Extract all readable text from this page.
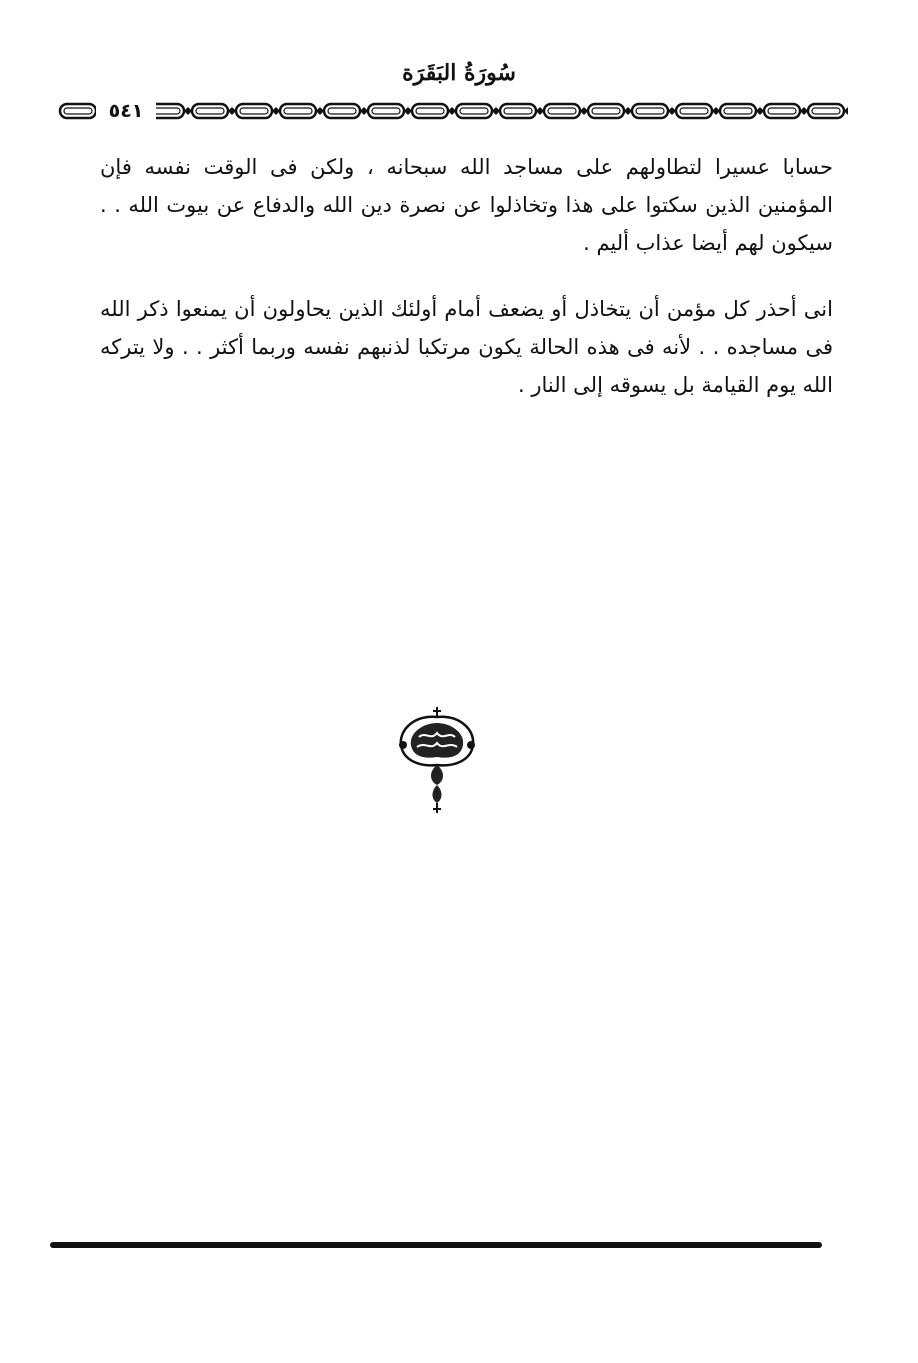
سُورَةُ البَقَرَة
٥٤١
حسابا عسيرا لتطاولهم على مساجد الله سبحانه ، ولكن فى الوقت نفسه فإن المؤمنين الذين سكتوا على هذا وتخاذلوا عن نصرة دين الله والدفاع عن بيوت الله . . سيكون لهم أيضا عذاب أليم .
انى أحذر كل مؤمن أن يتخاذل أو يضعف أمام أولئك الذين يحاولون أن يمنعوا ذكر الله فى مساجده . . لأنه فى هذه الحالة يكون مرتكبا لذنبهم نفسه وربما أكثر . . ولا يتركه الله يوم القيامة بل يسوقه إلى النار .
